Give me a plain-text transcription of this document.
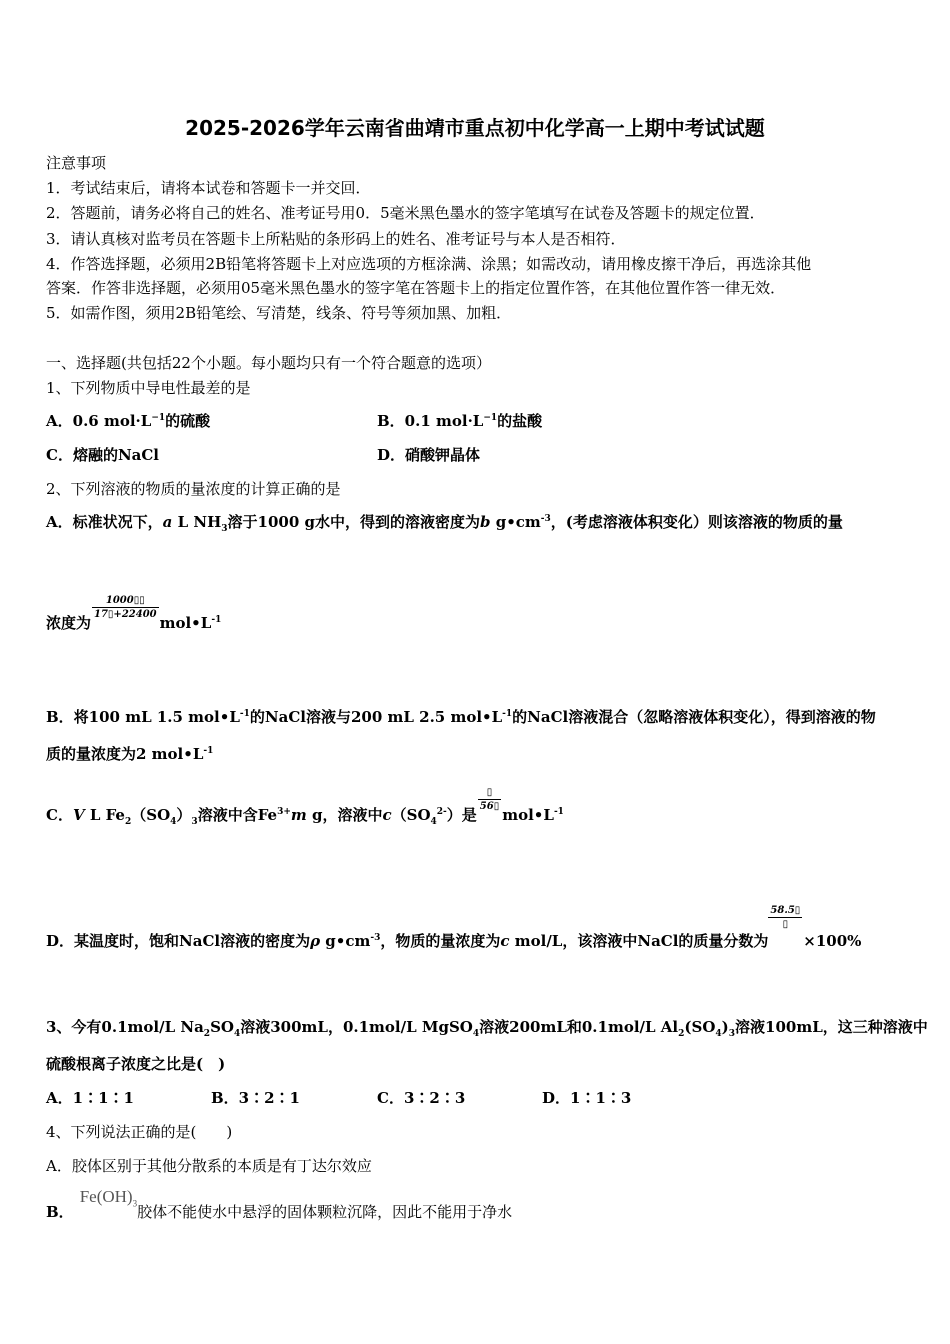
2025-2026学年云南省曲靖市重点初中化学高一上期中考试试题
注意事项
1．考试结束后，请将本试卷和答题卡一并交回．
2．答题前，请务必将自己的姓名、准考证号用0．5毫米黑色墨水的签字笔填写在试卷及答题卡的规定位置．
3．请认真核对监考员在答题卡上所粘贴的条形码上的姓名、准考证号与本人是否相符．
4．作答选择题，必须用2B铅笔将答题卡上对应选项的方框涂满、涂黑；如需改动，请用橡皮擦干净后，再选涂其他
答案．作答非选择题，必须用05毫米黑色墨水的签字笔在答题卡上的指定位置作答，在其他位置作答一律无效．
5．如需作图，须用2B铅笔绘、写清楚，线条、符号等须加黑、加粗．
一、选择题(共包括22个小题。每小题均只有一个符合题意的选项）
1、下列物质中导电性最差的是
A．0.6 $mol\cdot L^{-1}$的硫酸	B．0.1 $mol\cdot L^{-1}$的盐酸
C．熔融的NaCl	D．硝酸钾晶体
2、下列溶液的物质的量浓度的计算正确的是
A．标准状况下，a L $NH_3$溶于1000 g水中，得到的溶液密度为b $g•cm^{-3}$，(考虑溶液体积变化）则该溶液的物质的量
浓度为
$\frac{1000▯▯}{17▯+22400}$
$mol•L^{-1}$
B．将100 mL 1.5 $mol•L^{-1}$的NaCl溶液与200 mL 2.5 $mol•L^{-1}$的NaCl溶液混合（忽略溶液体积变化），得到溶液的物
质的量浓度为2 $mol•L^{-1}$
C．V L $Fe_2(SO_4)_3$溶液中含$Fe^{3+}m$ g，溶液中$c(SO_4^{2-})$是
$\frac{▯}{56▯}$
$mol•L^{-1}$
D．某温度时，饱和NaCl溶液的密度为ρ $g•cm^{-3}$，物质的量浓度为c mol/L，该溶液中NaCl的质量分数为
$\frac{58.5▯}{▯}$
×100%
3、今有0.1mol/L $Na_2SO_4$溶液300mL，0.1mol/L MgSO$_4$溶液200mL和0.1mol/L $Al_2(SO_4)_3$溶液100mL，这三种溶液中
硫酸根离子浓度之比是(　)
A．1∶1∶1	B．3∶2∶1	C．3∶2∶3	D．1∶1∶3
4、下列说法正确的是(　　)
A．胶体区别于其他分散系的本质是有丁达尔效应
B．$Fe(OH)_3$胶体不能使水中悬浮的固体颗粒沉降，因此不能用于净水
